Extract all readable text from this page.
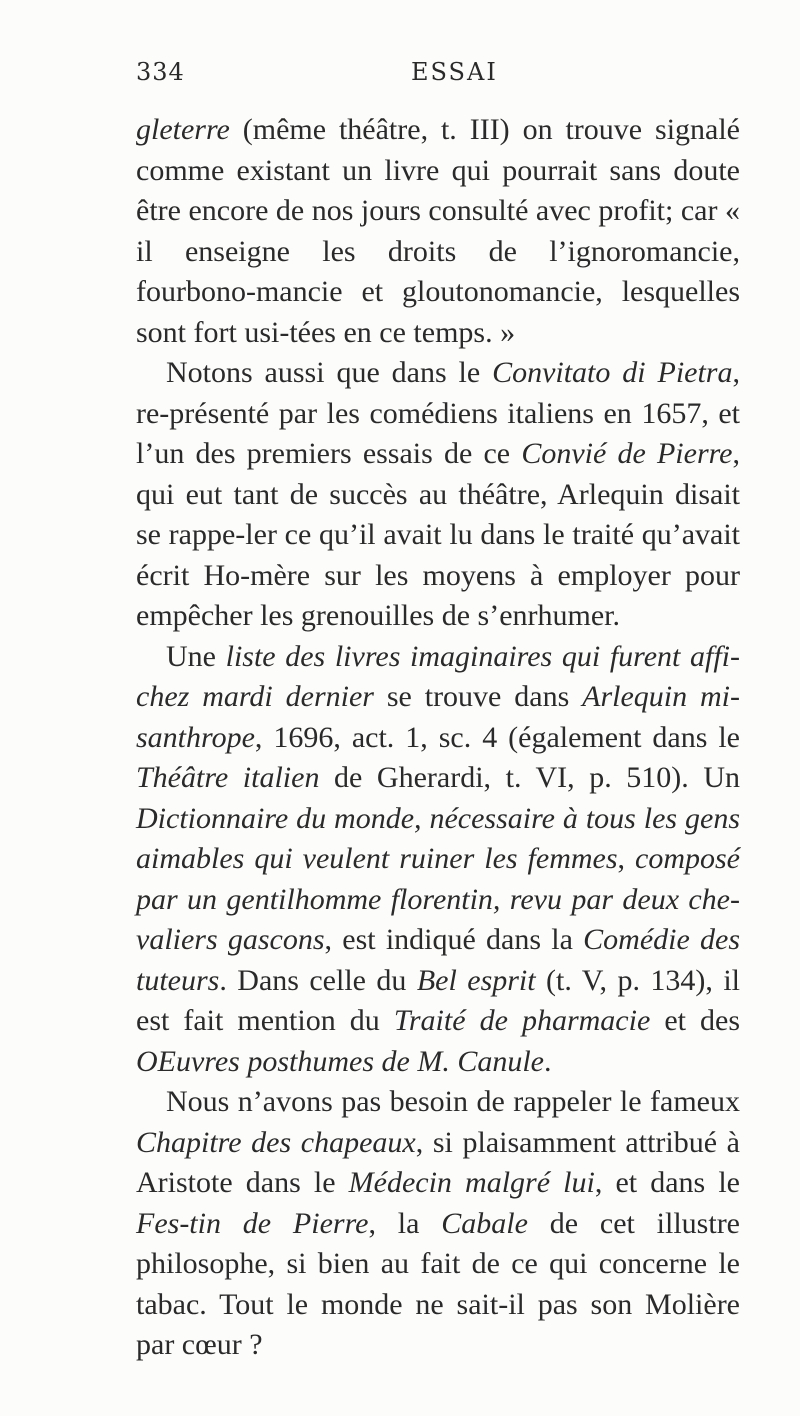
334	ESSAI

gleterre (même théâtre, t. III) on trouve signalé comme existant un livre qui pourrait sans doute être encore de nos jours consulté avec profit; car « il enseigne les droits de l’ignoromancie, fourbono-mancie et gloutonomancie, lesquelles sont fort usi-tées en ce temps. »

Notons aussi que dans le Convitato di Pietra, re-présenté par les comédiens italiens en 1657, et l’un des premiers essais de ce Convié de Pierre, qui eut tant de succès au théâtre, Arlequin disait se rappe-ler ce qu’il avait lu dans le traité qu’avait écrit Ho-mère sur les moyens à employer pour empêcher les grenouilles de s’enrhumer.

Une liste des livres imaginaires qui furent affi-chez mardi dernier se trouve dans Arlequin mi-santhrope, 1696, act. 1, sc. 4 (également dans le Théâtre italien de Gherardi, t. VI, p. 510). Un Dictionnaire du monde, nécessaire à tous les gens aimables qui veulent ruiner les femmes, composé par un gentilhomme florentin, revu par deux che-valiers gascons, est indiqué dans la Comédie des tuteurs. Dans celle du Bel esprit (t. V, p. 134), il est fait mention du Traité de pharmacie et des OEuvres posthumes de M. Canule.

Nous n’avons pas besoin de rappeler le fameux Chapitre des chapeaux, si plaisamment attribué à Aristote dans le Médecin malgré lui, et dans le Fes-tin de Pierre, la Cabale de cet illustre philosophe, si bien au fait de ce qui concerne le tabac. Tout le monde ne sait-il pas son Molière par cœur ?
